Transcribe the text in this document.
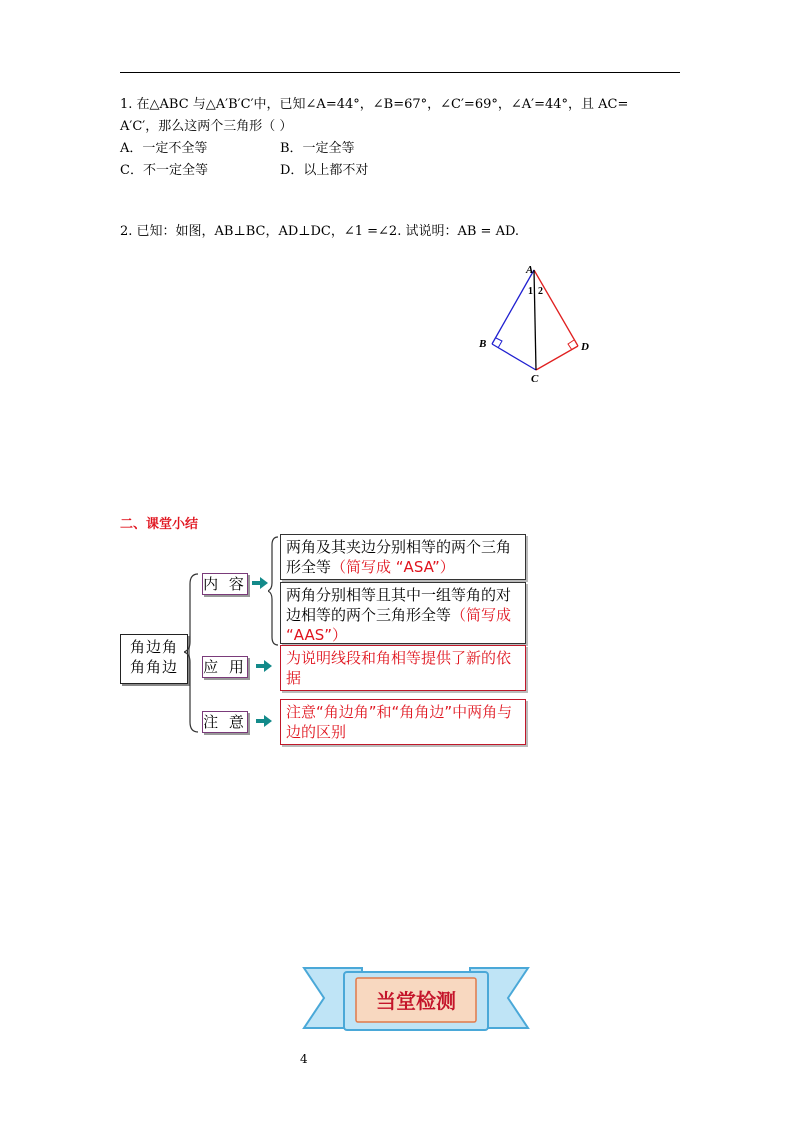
1. 在△ABC 与△A′B′C′中，已知∠A=44°，∠B=67°，∠C′=69°，∠A′=44°，且 AC=
A′C′，那么这两个三角形（ ）
A．一定不全等	B．一定全等
C．不一定全等	D．以上都不对
2. 已知：如图，AB⊥BC，AD⊥DC，∠1 =∠2. 试说明：AB = AD.
A
B
C
D
1 2
二、课堂小结
角边角
角角边
内 容
应 用
注 意
两角及其夹边分别相等的两个三角形全等（简写成 “ASA”）
两角分别相等且其中一组等角的对边相等的两个三角形全等（简写成 “AAS”）
为说明线段和角相等提供了新的依据
注意“角边角”和“角角边”中两角与边的区别
当堂检测
4
